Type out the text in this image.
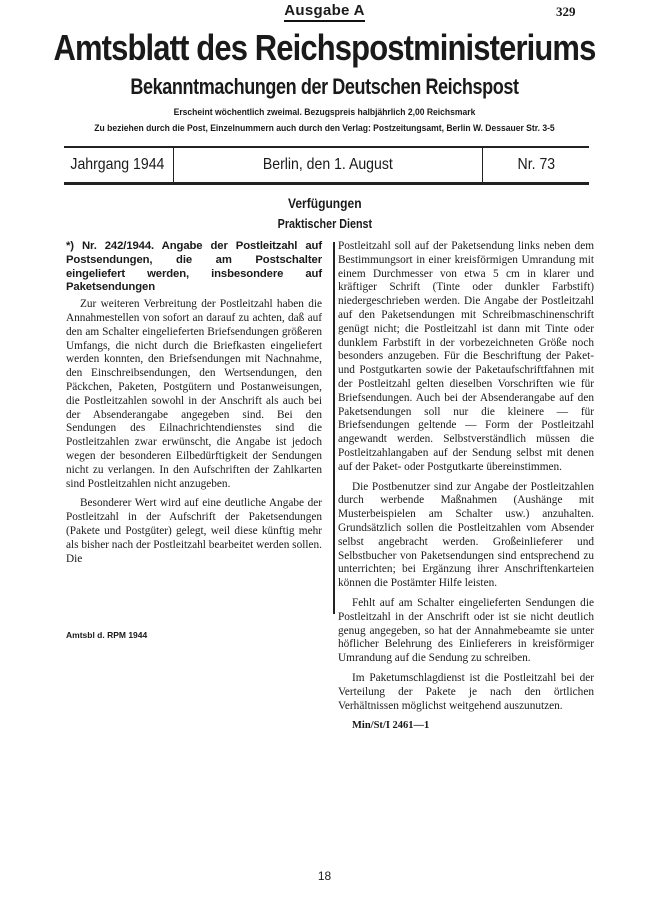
Ausgabe A	329
Amtsblatt des Reichspostministeriums
Bekanntmachungen der Deutschen Reichspost
Erscheint wöchentlich zweimal. Bezugspreis halbjährlich 2,00 Reichsmark
Zu beziehen durch die Post, Einzelnummern auch durch den Verlag: Postzeitungsamt, Berlin W. Dessauer Str. 3-5
Jahrgang 1944	Berlin, den 1. August	Nr. 73
Verfügungen
Praktischer Dienst
*) Nr. 242/1944. Angabe der Postleitzahl auf Postsendungen, die am Postschalter eingeliefert werden, insbesondere auf Paketsendungen

Zur weiteren Verbreitung der Postleitzahl haben die Annahmestellen von sofort an darauf zu achten, daß auf den am Schalter eingelieferten Briefsendungen größeren Umfangs, die nicht durch die Briefkasten eingeliefert werden konnten, den Briefsendungen mit Nachnahme, den Einschreibsendungen, den Wertsendungen, den Päckchen, Paketen, Postgütern und Postanweisungen, die Postleitzahlen sowohl in der Anschrift als auch bei der Absenderangabe angegeben sind. Bei den Sendungen des Eilnachrichtendienstes sind die Postleitzahlen zwar erwünscht, die Angabe ist jedoch wegen der besonderen Eilbedürftigkeit der Sendungen nicht zu verlangen. In den Aufschriften der Zahlkarten sind Postleitzahlen nicht anzugeben.

Besonderer Wert wird auf eine deutliche Angabe der Postleitzahl in der Aufschrift der Paketsendungen (Pakete und Postgüter) gelegt, weil diese künftig mehr als bisher nach der Postleitzahl bearbeitet werden sollen. Die

Amtsbl d. RPM 1944

Postleitzahl soll auf der Paketsendung links neben dem Bestimmungsort in einer kreisförmigen Umrandung mit einem Durchmesser von etwa 5 cm in klarer und kräftiger Schrift (Tinte oder dunkler Farbstift) niedergeschrieben werden. Die Angabe der Postleitzahl auf den Paketsendungen mit Schreibmaschinenschrift genügt nicht; die Postleitzahl ist dann mit Tinte oder dunklem Farbstift in der vorbezeichneten Größe noch besonders anzugeben. Für die Beschriftung der Paket- und Postgutkarten sowie der Paketaufschriftfahnen mit der Postleitzahl gelten dieselben Vorschriften wie für Briefsendungen. Auch bei der Absenderangabe auf den Paketsendungen soll nur die kleinere — für Briefsendungen geltende — Form der Postleitzahl angewandt werden. Selbstverständlich müssen die Postleitzahlangaben auf der Sendung selbst mit denen auf der Paket- oder Postgutkarte übereinstimmen.

Die Postbenutzer sind zur Angabe der Postleitzahlen durch werbende Maßnahmen (Aushänge mit Musterbeispielen am Schalter usw.) anzuhalten. Grundsätzlich sollen die Postleitzahlen vom Absender selbst angebracht werden. Großeinlieferer und Selbstbucher von Paketsendungen sind entsprechend zu unterrichten; bei Ergänzung ihrer Anschriftenkarteien können die Postämter Hilfe leisten.

Fehlt auf am Schalter eingelieferten Sendungen die Postleitzahl in der Anschrift oder ist sie nicht deutlich genug angegeben, so hat der Annahmebeamte sie unter höflicher Belehrung des Einlieferers in kreisförmiger Umrandung auf die Sendung zu schreiben.

Im Paketumschlagdienst ist die Postleitzahl bei der Verteilung der Pakete je nach den örtlichen Verhältnissen möglichst weitgehend auszunutzen.

Min/St/I 2461—1
18
